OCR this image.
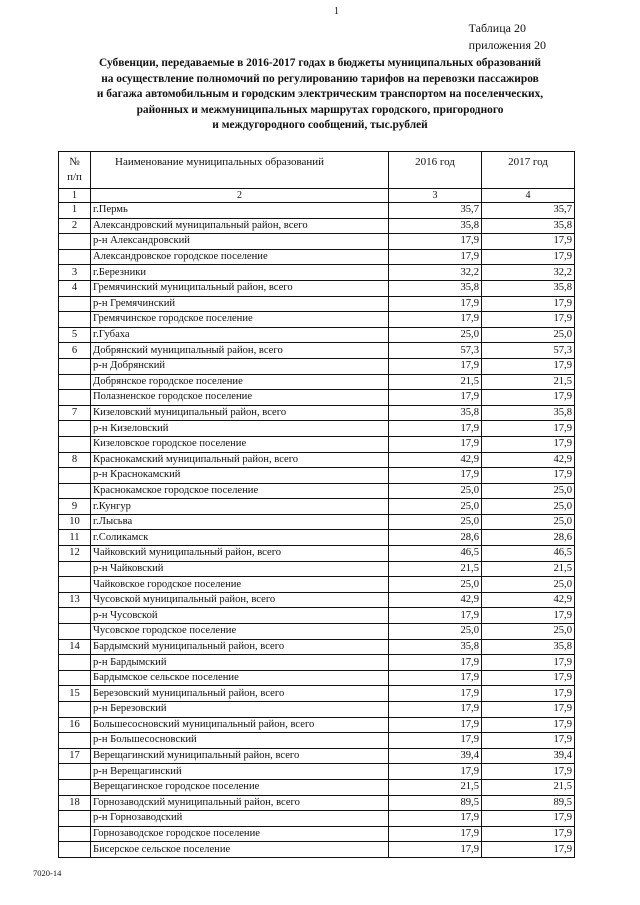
1
Таблица 20
приложения 20
Субвенции, передаваемые в 2016-2017 годах в бюджеты муниципальных образований
на осуществление полномочий по регулированию тарифов на перевозки пассажиров
и багажа автомобильным и городским электрическим транспортом на поселенческих,
районных и межмуниципальных маршрутах городского, пригородного
и междугородного сообщений, тыс.рублей
№
п/п	Наименование муниципальных образований	2016 год	2017 год
1	2	3	4
1	г.Пермь	35,7	35,7
2	Александровский муниципальный район, всего	35,8	35,8
	р-н Александровский	17,9	17,9
	Александровское городское поселение	17,9	17,9
3	г.Березники	32,2	32,2
4	Гремячинский муниципальный район, всего	35,8	35,8
	р-н Гремячинский	17,9	17,9
	Гремячинское городское поселение	17,9	17,9
5	г.Губаха	25,0	25,0
6	Добрянский муниципальный район, всего	57,3	57,3
	р-н Добрянский	17,9	17,9
	Добрянское городское поселение	21,5	21,5
	Полазненское городское поселение	17,9	17,9
7	Кизеловский муниципальный район, всего	35,8	35,8
	р-н Кизеловский	17,9	17,9
	Кизеловское городское поселение	17,9	17,9
8	Краснокамский муниципальный район, всего	42,9	42,9
	р-н Краснокамский	17,9	17,9
	Краснокамское городское поселение	25,0	25,0
9	г.Кунгур	25,0	25,0
10	г.Лысьва	25,0	25,0
11	г.Соликамск	28,6	28,6
12	Чайковский муниципальный район, всего	46,5	46,5
	р-н Чайковский	21,5	21,5
	Чайковское городское поселение	25,0	25,0
13	Чусовской муниципальный район, всего	42,9	42,9
	р-н Чусовской	17,9	17,9
	Чусовское городское поселение	25,0	25,0
14	Бардымский муниципальный район, всего	35,8	35,8
	р-н Бардымский	17,9	17,9
	Бардымское сельское поселение	17,9	17,9
15	Березовский муниципальный район, всего	17,9	17,9
	р-н Березовский	17,9	17,9
16	Большесосновский муниципальный район, всего	17,9	17,9
	р-н Большесосновский	17,9	17,9
17	Верещагинский муниципальный район, всего	39,4	39,4
	р-н Верещагинский	17,9	17,9
	Верещагинское городское поселение	21,5	21,5
18	Горнозаводский муниципальный район, всего	89,5	89,5
	р-н Горнозаводский	17,9	17,9
	Горнозаводское городское поселение	17,9	17,9
	Бисерское сельское поселение	17,9	17,9
7020-14
